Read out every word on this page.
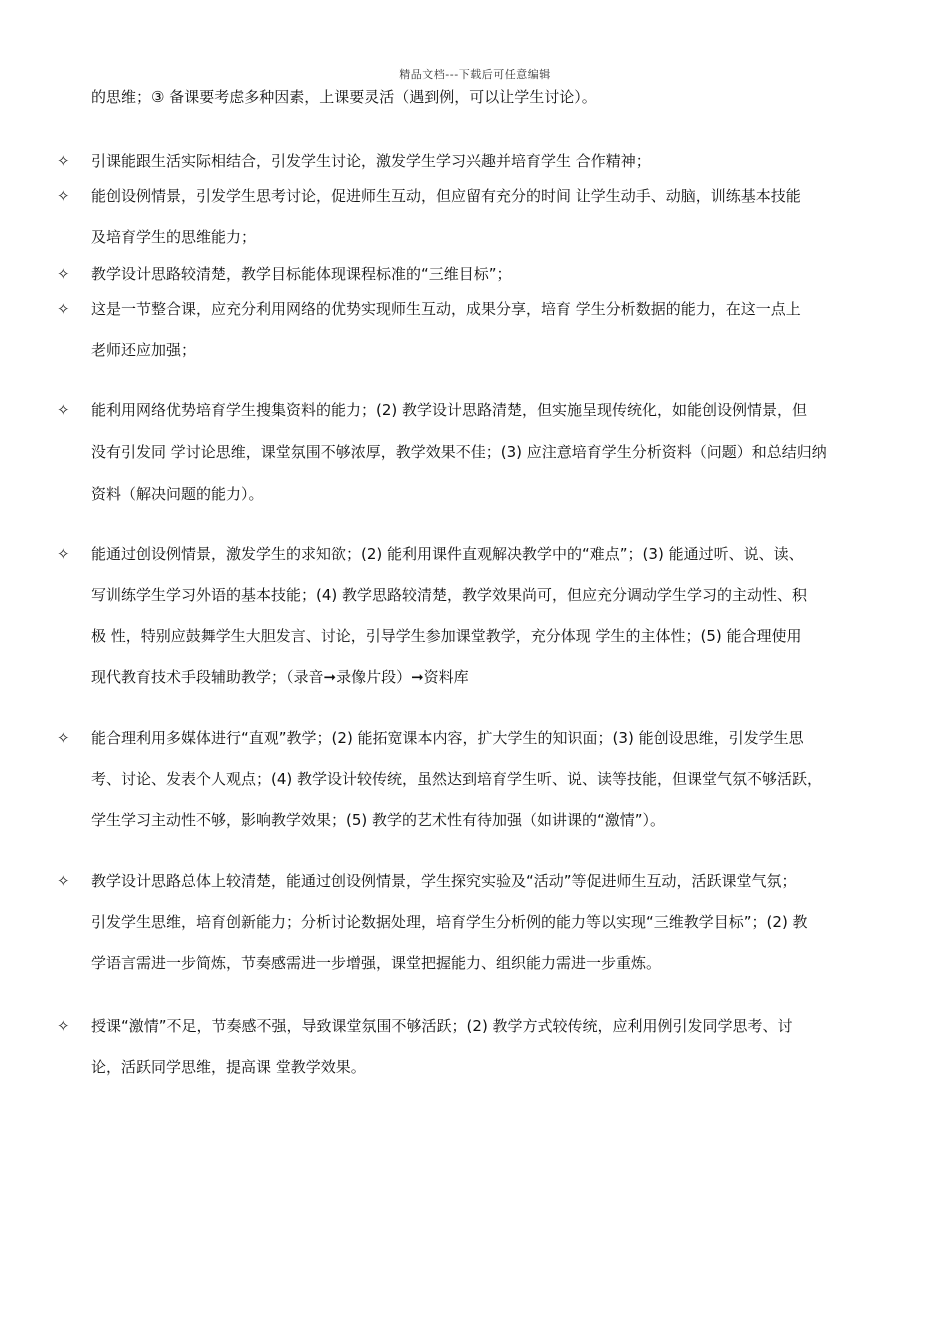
精品文档---下载后可任意编辑
的思维；③ 备课要考虑多种因素，上课要灵活（遇到例，可以让学生讨论）。
✧ 引课能跟生活实际相结合，引发学生讨论，激发学生学习兴趣并培育学生 合作精神；
✧ 能创设例情景，引发学生思考讨论，促进师生互动，但应留有充分的时间 让学生动手、动脑，训练基本技能
及培育学生的思维能力；
✧ 教学设计思路较清楚，教学目标能体现课程标准的“三维目标”；
✧ 这是一节整合课，应充分利用网络的优势实现师生互动，成果分享，培育 学生分析数据的能力，在这一点上
老师还应加强；
✧ 能利用网络优势培育学生搜集资料的能力；(2) 教学设计思路清楚，但实施呈现传统化，如能创设例情景，但
没有引发同 学讨论思维，课堂氛围不够浓厚，教学效果不佳；(3) 应注意培育学生分析资料（问题）和总结归纳
资料（解决问题的能力）。
✧ 能通过创设例情景，激发学生的求知欲；(2) 能利用课件直观解决教学中的“难点”；(3) 能通过听、说、读、
写训练学生学习外语的基本技能；(4) 教学思路较清楚，教学效果尚可，但应充分调动学生学习的主动性、积
极 性，特别应鼓舞学生大胆发言、讨论，引导学生参加课堂教学，充分体现 学生的主体性；(5) 能合理使用
现代教育技术手段辅助教学；（录音➞录像片段）➞资料库
✧ 能合理利用多媒体进行“直观”教学；(2) 能拓宽课本内容，扩大学生的知识面；(3) 能创设思维，引发学生思
考、讨论、发表个人观点；(4) 教学设计较传统，虽然达到培育学生听、说、读等技能，但课堂气氛不够活跃，
学生学习主动性不够，影响教学效果；(5) 教学的艺术性有待加强（如讲课的“激情”）。
✧ 教学设计思路总体上较清楚，能通过创设例情景，学生探究实验及“活动”等促进师生互动，活跃课堂气氛；
引发学生思维，培育创新能力；分析讨论数据处理，培育学生分析例的能力等以实现“三维教学目标”；(2) 教
学语言需进一步简炼，节奏感需进一步增强，课堂把握能力、组织能力需进一步重炼。
✧ 授课“激情”不足，节奏感不强，导致课堂氛围不够活跃；(2) 教学方式较传统，应利用例引发同学思考、讨
论，活跃同学思维，提高课 堂教学效果。
